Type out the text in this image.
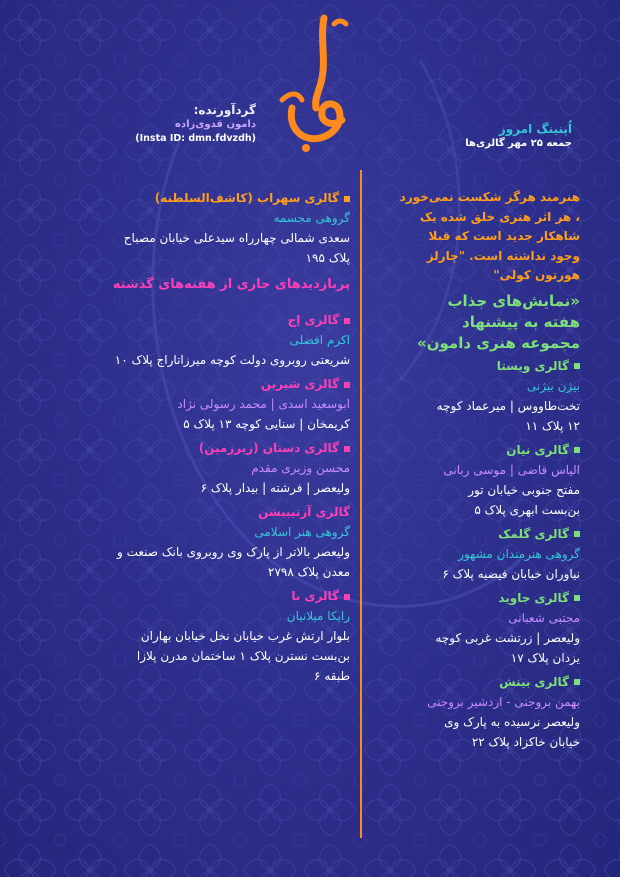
گردآورنده:
دامون قدوی‌زاده
(Insta ID: dmn.fdvzdh)
اُپنینگ امروز
جمعه ۲۵ مهر گالری‌ها
هنرمند هرگز شکست نمی‌خورد
، هر اثر هنری خلق شده یک
شاهکار جدید است که قبلا
وجود نداشته است. "چارلز
هورتون کولی"
«نمایش‌های جذاب
هفته به پیشنهاد
مجموعه هنری دامون»
گالری ویستا
بیژن بیژنی
تخت‌طاووس | میرعماد کوچه
۱۲ پلاک ۱۱
گالری نیان
الیاس قاضی | موسی ربانی
مفتح جنوبی خیابان تور
بن‌بست ابهری پلاک ۵
گالری گلمک
گروهی هنرمندان مشهور
نیاوران خیابان فیضیه پلاک ۶
گالری جاوید
مجتبی شعبانی
ولیعصر | زرتشت غربی کوچه
یزدان پلاک ۱۷
گالری بینش
بهمن بروجنی - اردشیر بروجنی
ولیعصر نرسیده به پارک وی
خیابان خاکزاد پلاک ۲۲
گالری سهراب (کاشف‌السلطنه)
گروهی مجسمه
سعدی شمالی چهارراه سیدعلی خیابان مصباح
پلاک ۱۹۵
پربازدیدهای جاری از هفته‌های گذشته
گالری اِج
اکرم افضلی
شریعتی روبروی دولت کوچه میرزاتاراج پلاک ۱۰
گالری شیرین
ابوسعید اسدی | محمد رسولی نژاد
کریمخان | سنایی کوچه ۱۳ پلاک ۵
گالری دستان (زیرزمین)
محسن وزیری مقدم
ولیعصر | فرشته | بیدار پلاک ۶
گالری آرتیبیشن
گروهی هنر اسلامی
ولیعصر بالاتر از پارک وی روبروی بانک صنعت و
معدن پلاک ۲۷۹۸
گالری با
رایکا میلانیان
بلوار ارتش غرب خیابان نخل خیابان بهاران
بن‌بست نسترن پلاک ۱ ساختمان مدرن پلازا
طبقه ۶
